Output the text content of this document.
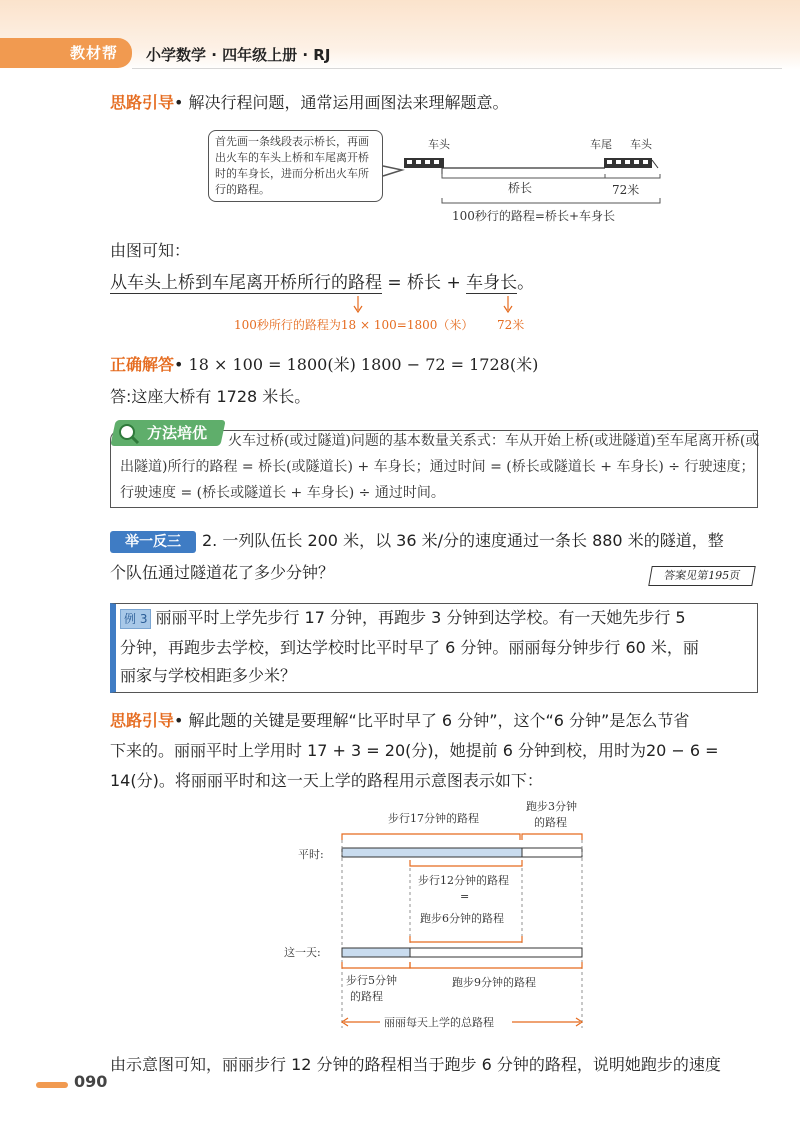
教材帮	小学数学 · 四年级上册 · RJ
思路引导• 解决行程问题，通常运用画图法来理解题意。
首先画一条线段表示桥长，再画出火车的车头上桥和车尾离开桥时的车身长，进而分析出火车所行的路程。
车头	车尾 车头
桥长	72米
100秒行的路程=桥长+车身长
由图可知：
从车头上桥到车尾离开桥所行的路程 = 桥长 + 车身长。
100秒所行的路程为18 × 100=1800（米） 72米
正确解答• 18 × 100 = 1800(米) 1800 − 72 = 1728(米)
答:这座大桥有 1728 米长。
方法培优	火车过桥(或过隧道)问题的基本数量关系式：车从开始上桥(或进隧道)至车尾离开桥(或出隧道)所行的路程 = 桥长(或隧道长) + 车身长；通过时间 = (桥长或隧道长 + 车身长) ÷ 行驶速度；行驶速度 = (桥长或隧道长 + 车身长) ÷ 通过时间。
举一反三	2. 一列队伍长 200 米，以 36 米/分的速度通过一条长 880 米的隧道，整
个队伍通过隧道花了多少分钟？	答案见第195页
例 3 丽丽平时上学先步行 17 分钟，再跑步 3 分钟到达学校。有一天她先步行 5
分钟，再跑步去学校，到达学校时比平时早了 6 分钟。丽丽每分钟步行 60 米，丽
丽家与学校相距多少米？
思路引导• 解此题的关键是要理解“比平时早了 6 分钟”，这个“6 分钟”是怎么节省
下来的。丽丽平时上学用时 17 + 3 = 20(分)，她提前 6 分钟到校，用时为20 − 6 =
14(分)。将丽丽平时和这一天上学的路程用示意图表示如下：
步行17分钟的路程
跑步3分钟
的路程
平时:
步行12分钟的路程
=
跑步6分钟的路程
这一天:
步行5分钟
的路程
跑步9分钟的路程
丽丽每天上学的总路程
由示意图可知，丽丽步行 12 分钟的路程相当于跑步 6 分钟的路程，说明她跑步的速度
090
